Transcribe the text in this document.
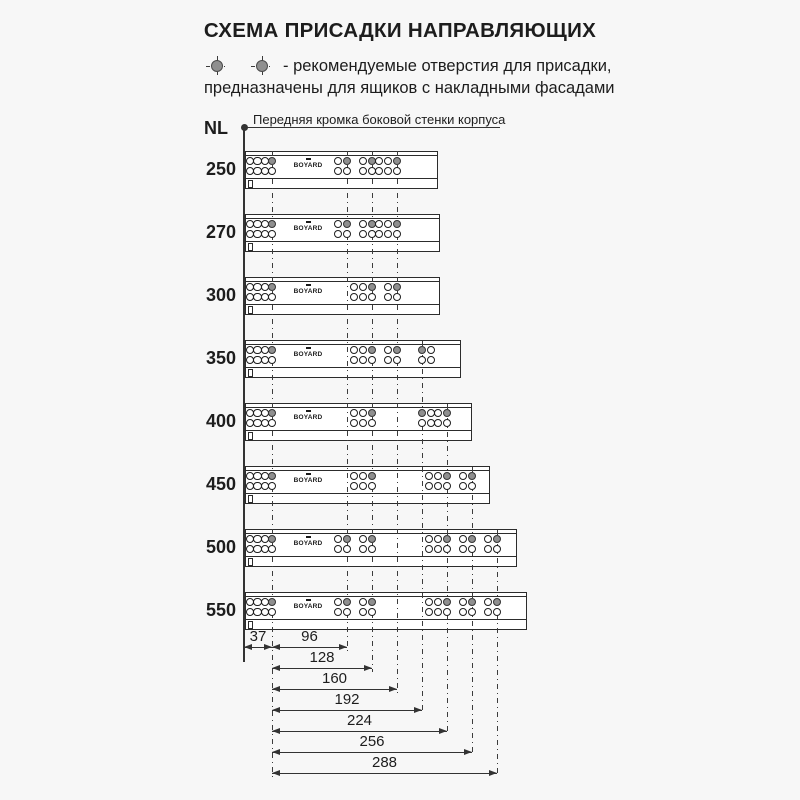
СХЕМА ПРИСАДКИ НАПРАВЛЯЮЩИХ
- рекомендуемые отверстия для присадки,
предназначены для ящиков с накладными фасадами
NL Передняя кромка боковой стенки корпуса
BOYARD
250
BOYARD
270
BOYARD
300
BOYARD
350
BOYARD
400
BOYARD
450
BOYARD
500
BOYARD
550
37	96
128
160
192
224
256
288
